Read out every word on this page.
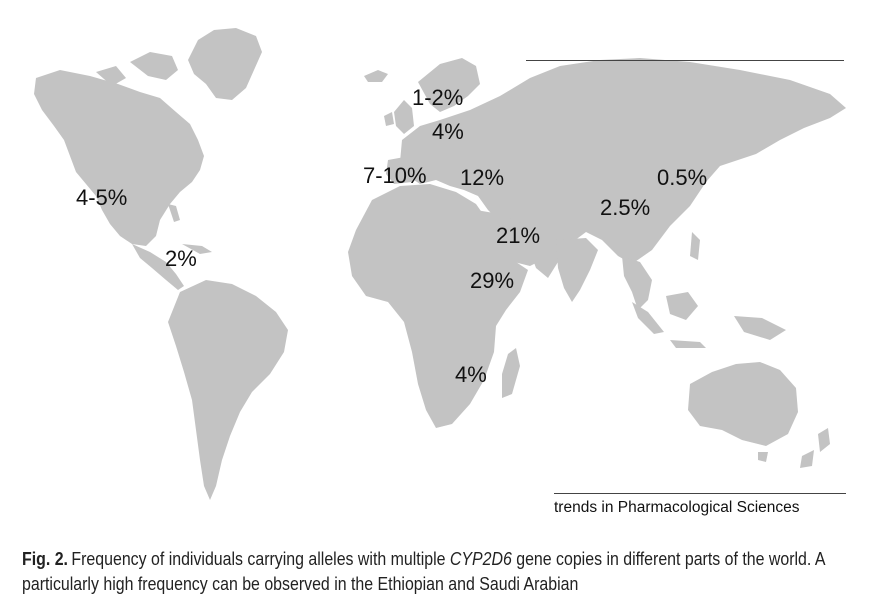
4-5%
2%
1-2%
4%
7-10% 12%
21%
29%
4%
2.5%
0.5%
trends in Pharmacological Sciences
Fig. 2. Frequency of individuals carrying alleles with multiple CYP2D6 gene copies in different parts of the world. A particularly high frequency can be observed in the Ethiopian and Saudi Arabian
